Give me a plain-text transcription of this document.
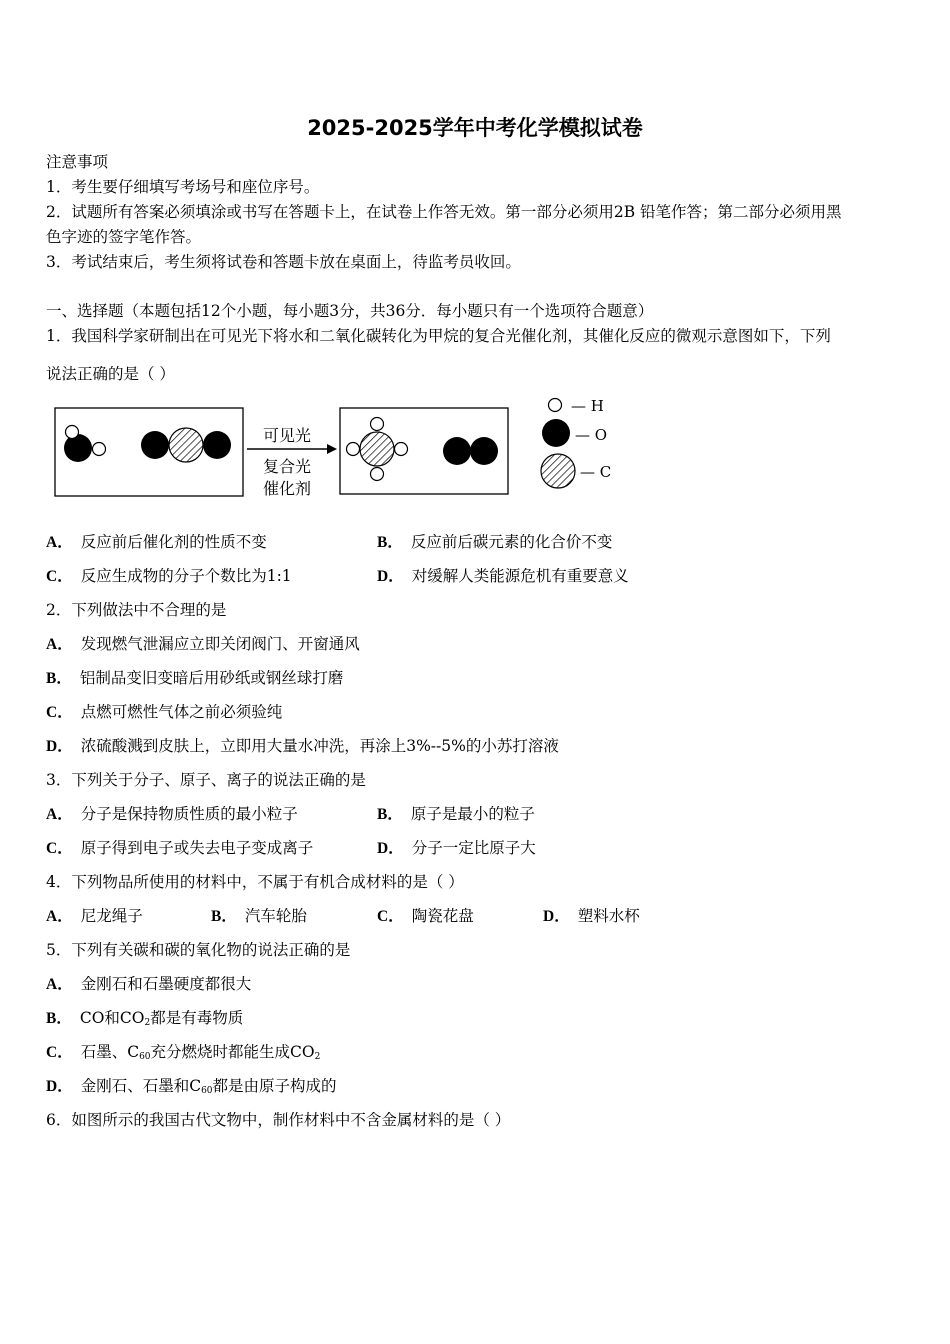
2025-2025学年中考化学模拟试卷
注意事项
1．考生要仔细填写考场号和座位序号。
2．试题所有答案必须填涂或书写在答题卡上，在试卷上作答无效。第一部分必须用2B 铅笔作答；第二部分必须用黑
色字迹的签字笔作答。
3．考试结束后，考生须将试卷和答题卡放在桌面上，待监考员收回。
一、选择题（本题包括12个小题，每小题3分，共36分．每小题只有一个选项符合题意）
1．我国科学家研制出在可见光下将水和二氧化碳转化为甲烷的复合光催化剂，其催化反应的微观示意图如下，下列
说法正确的是（ ）
可见光
复合光
催化剂
— H
— O
— C
A． 反应前后催化剂的性质不变	B． 反应前后碳元素的化合价不变
C． 反应生成物的分子个数比为1:1	D． 对缓解人类能源危机有重要意义
2．下列做法中不合理的是
A． 发现燃气泄漏应立即关闭阀门、开窗通风
B． 铝制品变旧变暗后用砂纸或钢丝球打磨
C． 点燃可燃性气体之前必须验纯
D． 浓硫酸溅到皮肤上，立即用大量水冲洗，再涂上3%--5%的小苏打溶液
3．下列关于分子、原子、离子的说法正确的是
A． 分子是保持物质性质的最小粒子	B． 原子是最小的粒子
C． 原子得到电子或失去电子变成离子	D． 分子一定比原子大
4．下列物品所使用的材料中，不属于有机合成材料的是（ ）
A． 尼龙绳子	B． 汽车轮胎	C． 陶瓷花盘	D． 塑料水杯
5．下列有关碳和碳的氧化物的说法正确的是
A． 金刚石和石墨硬度都很大
B． CO和$CO_2$都是有毒物质
C． 石墨、$C_{60}$充分燃烧时都能生成$CO_2$
D． 金刚石、石墨和$C_{60}$都是由原子构成的
6．如图所示的我国古代文物中，制作材料中不含金属材料的是（ ）
